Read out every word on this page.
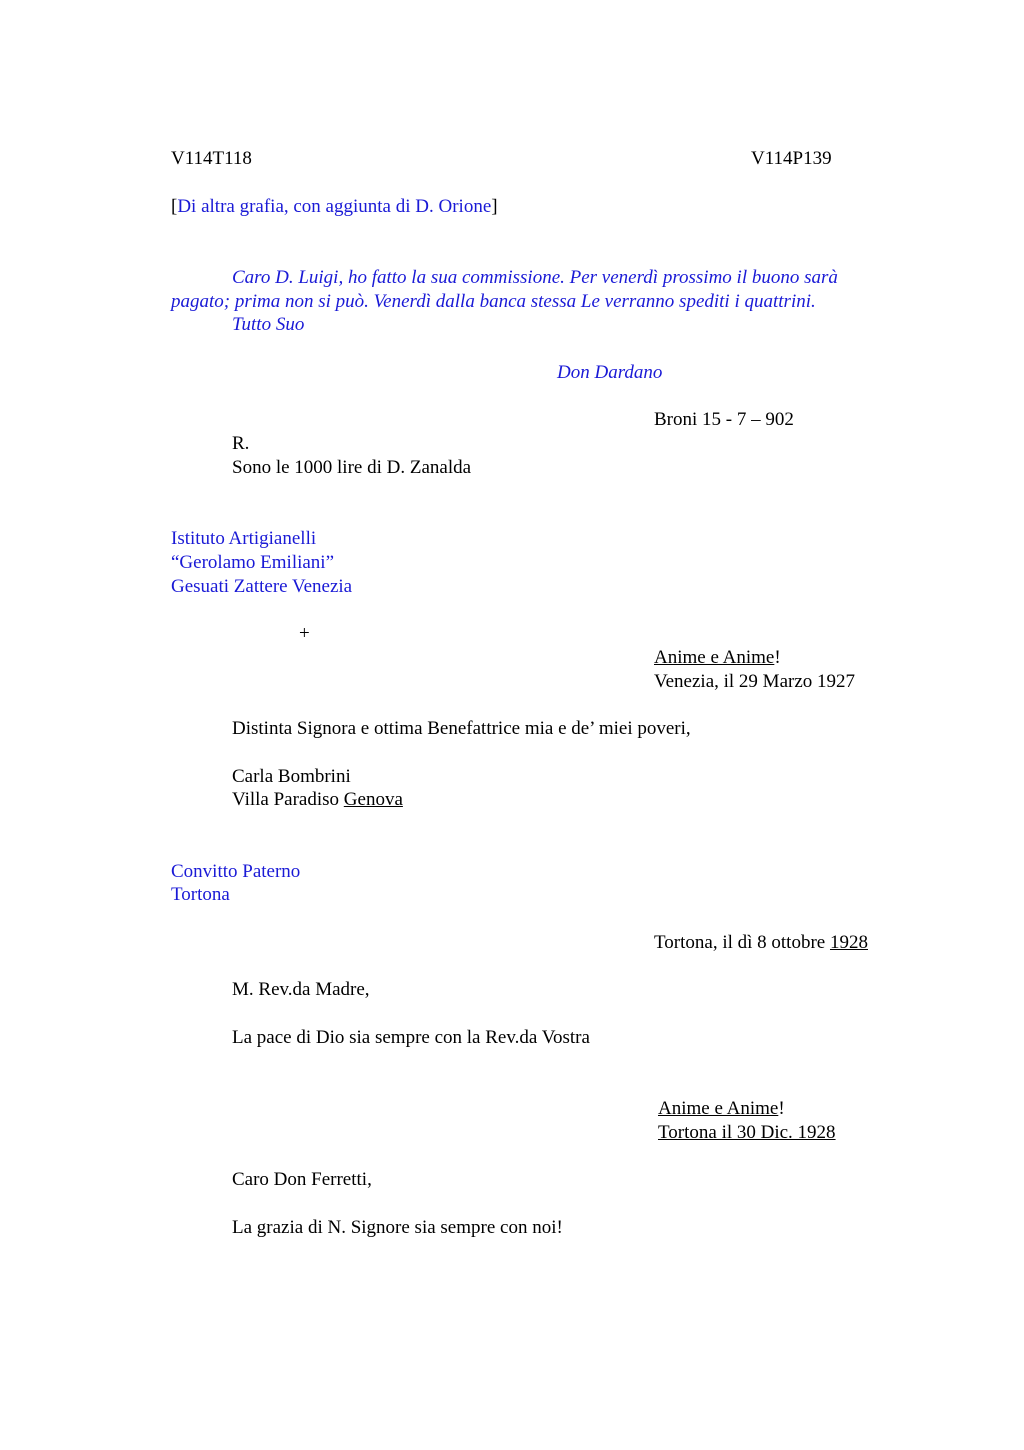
V114T118	V114P139
[Di altra grafia, con aggiunta di D. Orione]
Caro D. Luigi, ho fatto la sua commissione. Per venerdì prossimo il buono sarà
pagato; prima non si può. Venerdì dalla banca stessa Le verranno spediti i quattrini.
Tutto Suo
Don Dardano
Broni 15 - 7 – 902
R.
Sono le 1000 lire di D. Zanalda
Istituto Artigianelli
“Gerolamo Emiliani”
Gesuati Zattere Venezia
+
Anime e Anime!
Venezia, il 29 Marzo 1927
Distinta Signora e ottima Benefattrice mia e de’ miei poveri,
Carla Bombrini
Villa Paradiso Genova
Convitto Paterno
Tortona
Tortona, il dì 8 ottobre 1928
M. Rev.da Madre,
La pace di Dio sia sempre con la Rev.da Vostra
Anime e Anime!
Tortona il 30 Dic. 1928
Caro Don Ferretti,
La grazia di N. Signore sia sempre con noi!
